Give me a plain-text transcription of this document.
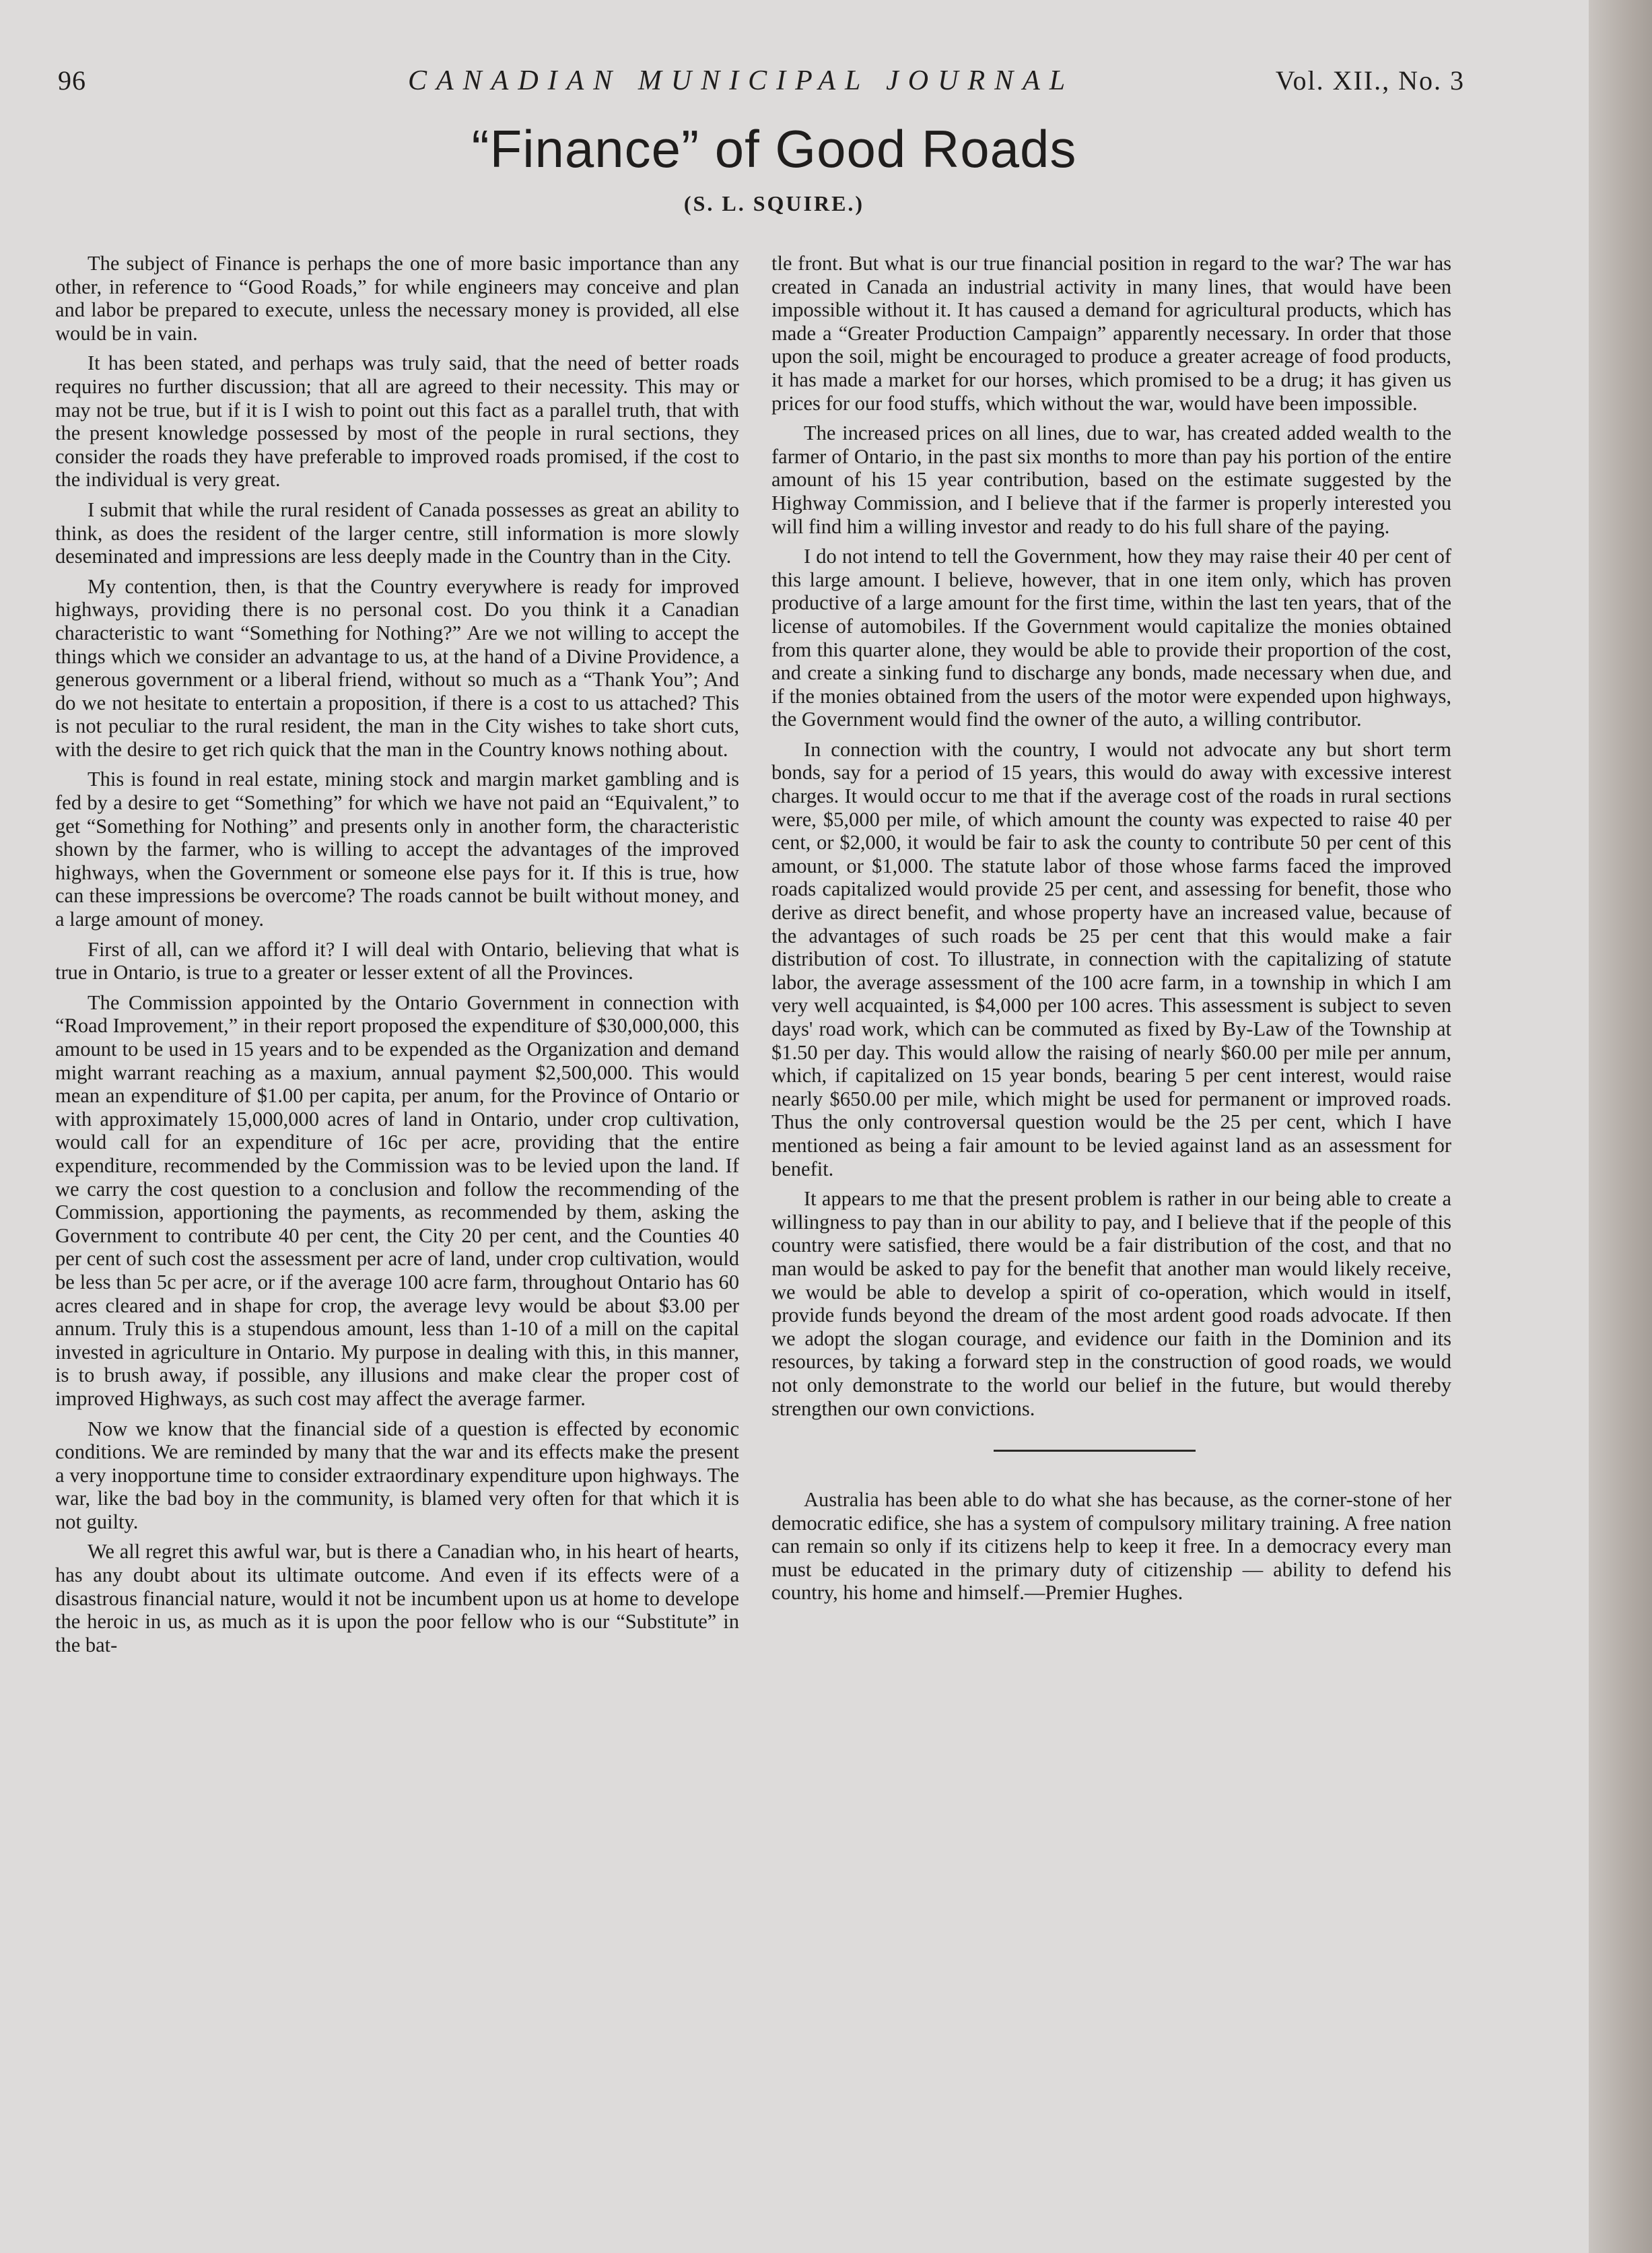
96	CANADIAN MUNICIPAL JOURNAL	Vol. XII., No. 3
“Finance” of Good Roads
(S. L. SQUIRE.)

The subject of Finance is perhaps the one of more basic importance than any other, in reference to “Good Roads,” for while engineers may conceive and plan and labor be prepared to execute, unless the necessary money is provided, all else would be in vain.

It has been stated, and perhaps was truly said, that the need of better roads requires no further discussion; that all are agreed to their necessity. This may or may not be true, but if it is I wish to point out this fact as a parallel truth, that with the present knowledge possessed by most of the people in rural sections, they consider the roads they have preferable to improved roads promised, if the cost to the individual is very great.

I submit that while the rural resident of Canada possesses as great an ability to think, as does the resident of the larger centre, still information is more slowly deseminated and impressions are less deeply made in the Country than in the City.

My contention, then, is that the Country everywhere is ready for improved highways, providing there is no personal cost. Do you think it a Canadian characteristic to want “Something for Nothing?” Are we not willing to accept the things which we consider an advantage to us, at the hand of a Divine Providence, a generous government or a liberal friend, without so much as a “Thank You”; And do we not hesitate to entertain a proposition, if there is a cost to us attached? This is not peculiar to the rural resident, the man in the City wishes to take short cuts, with the desire to get rich quick that the man in the Country knows nothing about.

This is found in real estate, mining stock and margin market gambling and is fed by a desire to get “Something” for which we have not paid an “Equivalent,” to get “Something for Nothing” and presents only in another form, the characteristic shown by the farmer, who is willing to accept the advantages of the improved highways, when the Government or someone else pays for it. If this is true, how can these impressions be overcome? The roads cannot be built without money, and a large amount of money.

First of all, can we afford it? I will deal with Ontario, believing that what is true in Ontario, is true to a greater or lesser extent of all the Provinces.

The Commission appointed by the Ontario Government in connection with “Road Improvement,” in their report proposed the expenditure of $30,000,000, this amount to be used in 15 years and to be expended as the Organization and demand might warrant reaching as a maxium, annual payment $2,500,000. This would mean an expenditure of $1.00 per capita, per anum, for the Province of Ontario or with approximately 15,000,000 acres of land in Ontario, under crop cultivation, would call for an expenditure of 16c per acre, providing that the entire expenditure, recommended by the Commission was to be levied upon the land. If we carry the cost question to a conclusion and follow the recommending of the Commission, apportioning the payments, as recommended by them, asking the Government to contribute 40 per cent, the City 20 per cent, and the Counties 40 per cent of such cost the assessment per acre of land, under crop cultivation, would be less than 5c per acre, or if the average 100 acre farm, throughout Ontario has 60 acres cleared and in shape for crop, the average levy would be about $3.00 per annum. Truly this is a stupendous amount, less than 1-10 of a mill on the capital invested in agriculture in Ontario. My purpose in dealing with this, in this manner, is to brush away, if possible, any illusions and make clear the proper cost of improved Highways, as such cost may affect the average farmer.

Now we know that the financial side of a question is effected by economic conditions. We are reminded by many that the war and its effects make the present a very inopportune time to consider extraordinary expenditure upon highways. The war, like the bad boy in the community, is blamed very often for that which it is not guilty.

We all regret this awful war, but is there a Canadian who, in his heart of hearts, has any doubt about its ultimate outcome. And even if its effects were of a disastrous financial nature, would it not be incumbent upon us at home to develope the heroic in us, as much as it is upon the poor fellow who is our “Substitute” in the bat-

tle front. But what is our true financial position in regard to the war? The war has created in Canada an industrial activity in many lines, that would have been impossible without it. It has caused a demand for agricultural products, which has made a “Greater Production Campaign” apparently necessary. In order that those upon the soil, might be encouraged to produce a greater acreage of food products, it has made a market for our horses, which promised to be a drug; it has given us prices for our food stuffs, which without the war, would have been impossible.

The increased prices on all lines, due to war, has created added wealth to the farmer of Ontario, in the past six months to more than pay his portion of the entire amount of his 15 year contribution, based on the estimate suggested by the Highway Commission, and I believe that if the farmer is properly interested you will find him a willing investor and ready to do his full share of the paying.

I do not intend to tell the Government, how they may raise their 40 per cent of this large amount. I believe, however, that in one item only, which has proven productive of a large amount for the first time, within the last ten years, that of the license of automobiles. If the Government would capitalize the monies obtained from this quarter alone, they would be able to provide their proportion of the cost, and create a sinking fund to discharge any bonds, made necessary when due, and if the monies obtained from the users of the motor were expended upon highways, the Government would find the owner of the auto, a willing contributor.

In connection with the country, I would not advocate any but short term bonds, say for a period of 15 years, this would do away with excessive interest charges. It would occur to me that if the average cost of the roads in rural sections were, $5,000 per mile, of which amount the county was expected to raise 40 per cent, or $2,000, it would be fair to ask the county to contribute 50 per cent of this amount, or $1,000. The statute labor of those whose farms faced the improved roads capitalized would provide 25 per cent, and assessing for benefit, those who derive as direct benefit, and whose property have an increased value, because of the advantages of such roads be 25 per cent that this would make a fair distribution of cost. To illustrate, in connection with the capitalizing of statute labor, the average assessment of the 100 acre farm, in a township in which I am very well acquainted, is $4,000 per 100 acres. This assessment is subject to seven days' road work, which can be commuted as fixed by By-Law of the Township at $1.50 per day. This would allow the raising of nearly $60.00 per mile per annum, which, if capitalized on 15 year bonds, bearing 5 per cent interest, would raise nearly $650.00 per mile, which might be used for permanent or improved roads. Thus the only controversal question would be the 25 per cent, which I have mentioned as being a fair amount to be levied against land as an assessment for benefit.

It appears to me that the present problem is rather in our being able to create a willingness to pay than in our ability to pay, and I believe that if the people of this country were satisfied, there would be a fair distribution of the cost, and that no man would be asked to pay for the benefit that another man would likely receive, we would be able to develop a spirit of co-operation, which would in itself, provide funds beyond the dream of the most ardent good roads advocate. If then we adopt the slogan courage, and evidence our faith in the Dominion and its resources, by taking a forward step in the construction of good roads, we would not only demonstrate to the world our belief in the future, but would thereby strengthen our own convictions.

Australia has been able to do what she has because, as the corner-stone of her democratic edifice, she has a system of compulsory military training. A free nation can remain so only if its citizens help to keep it free. In a democracy every man must be educated in the primary duty of citizenship — ability to defend his country, his home and himself.—Premier Hughes.
